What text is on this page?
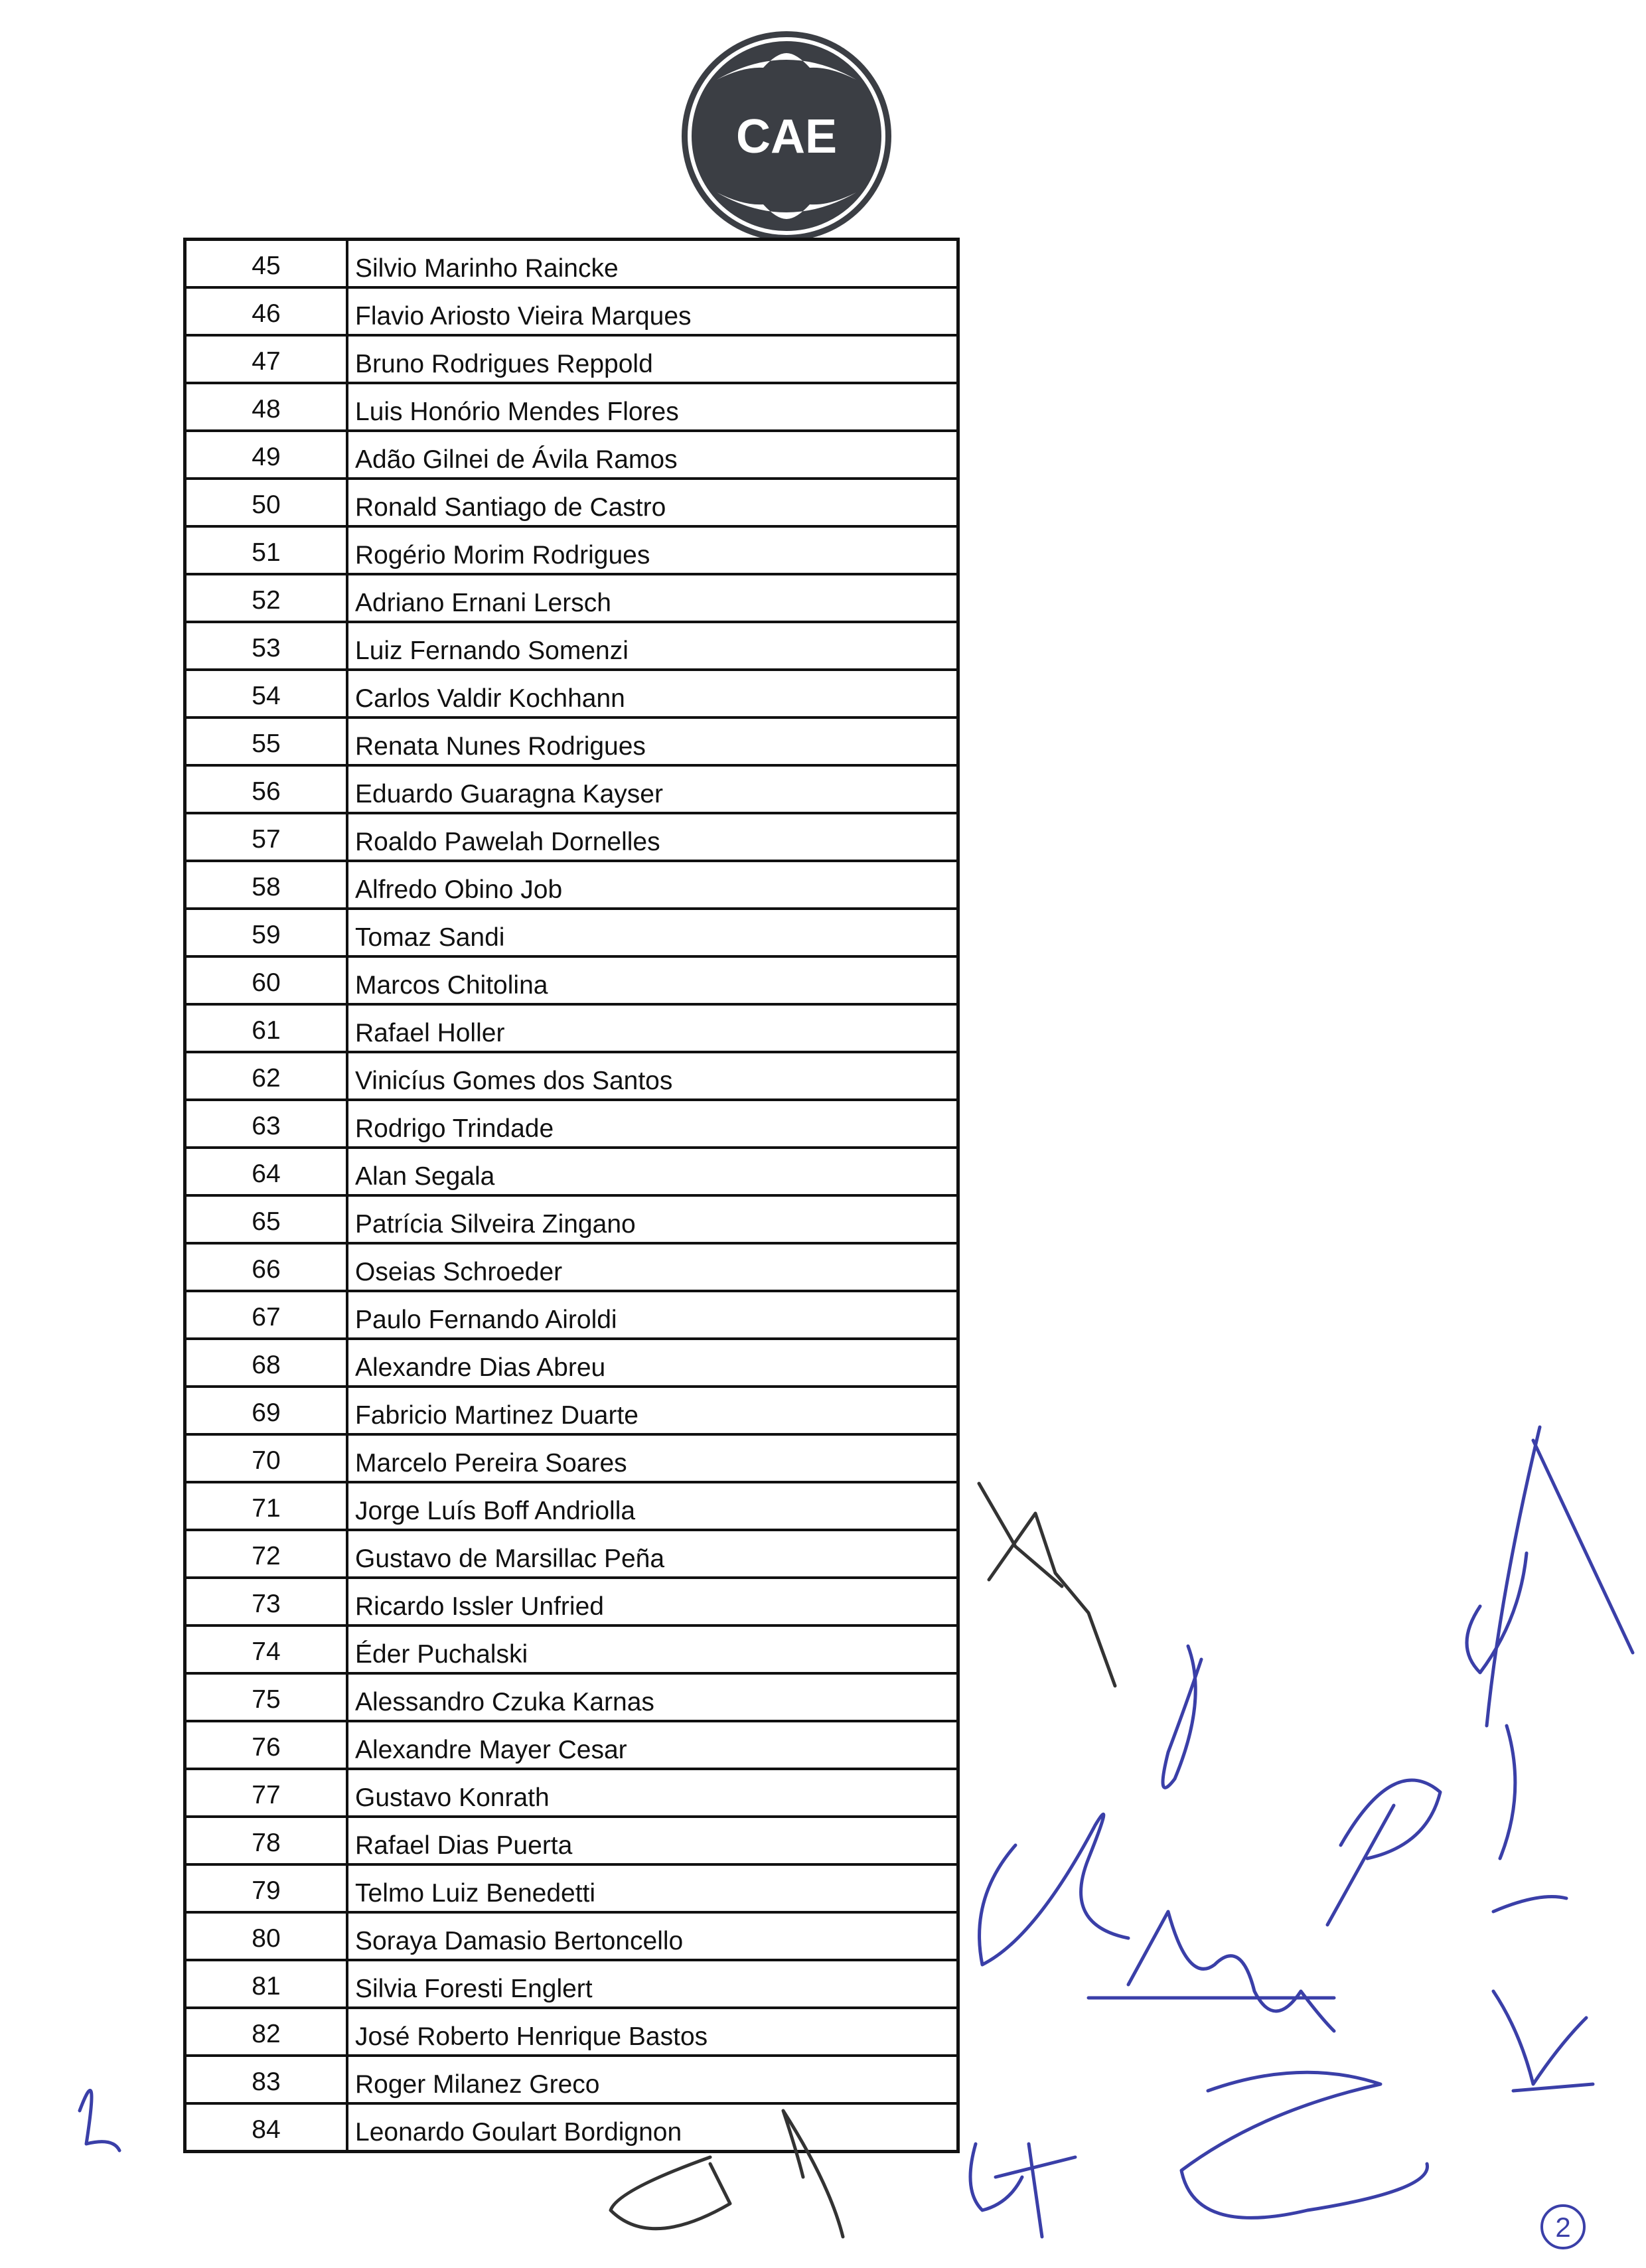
CAE
45	Silvio Marinho Raincke
46	Flavio Ariosto Vieira Marques
47	Bruno Rodrigues Reppold
48	Luis Honório Mendes Flores
49	Adão Gilnei de Ávila Ramos
50	Ronald Santiago de Castro
51	Rogério Morim Rodrigues
52	Adriano Ernani Lersch
53	Luiz Fernando Somenzi
54	Carlos Valdir Kochhann
55	Renata Nunes Rodrigues
56	Eduardo Guaragna Kayser
57	Roaldo Pawelah Dornelles
58	Alfredo Obino Job
59	Tomaz Sandi
60	Marcos Chitolina
61	Rafael Holler
62	Vinicíus Gomes dos Santos
63	Rodrigo Trindade
64	Alan Segala
65	Patrícia Silveira Zingano
66	Oseias Schroeder
67	Paulo Fernando Airoldi
68	Alexandre Dias Abreu
69	Fabricio Martinez Duarte
70	Marcelo Pereira Soares
71	Jorge Luís Boff Andriolla
72	Gustavo de Marsillac Peña
73	Ricardo Issler Unfried
74	Éder Puchalski
75	Alessandro Czuka Karnas
76	Alexandre Mayer Cesar
77	Gustavo Konrath
78	Rafael Dias Puerta
79	Telmo Luiz Benedetti
80	Soraya Damasio Bertoncello
81	Silvia Foresti Englert
82	José Roberto Henrique Bastos
83	Roger Milanez Greco
84	Leonardo Goulart Bordignon
2
